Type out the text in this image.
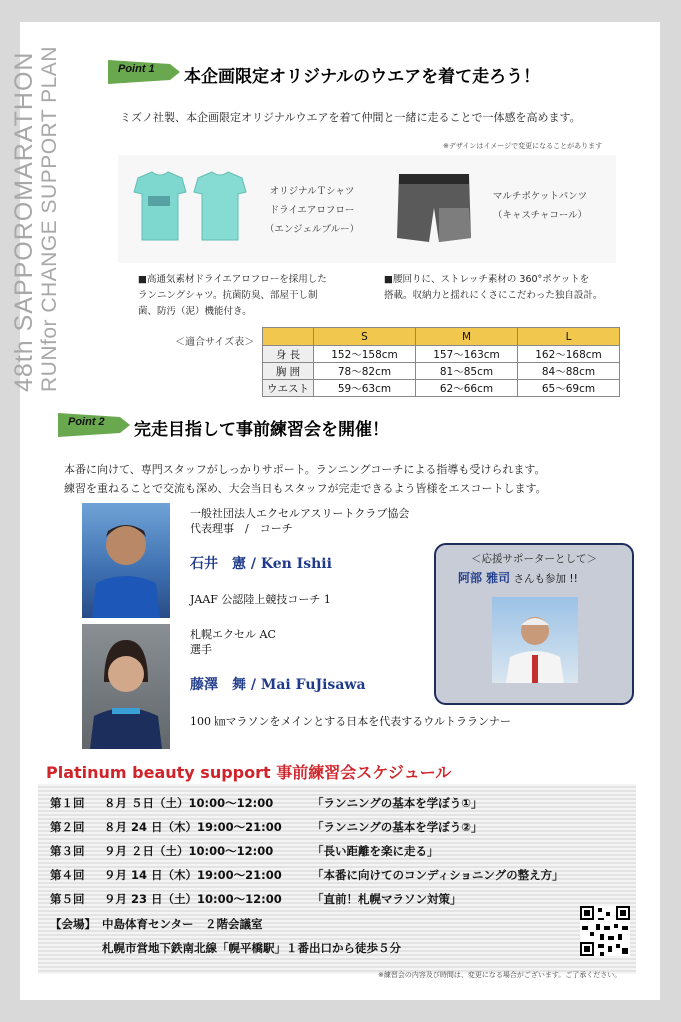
48th SAPPOROMARATHON RUNfor CHANGE SUPPORT PLAN	Point 1 本企画限定オリジナルのウエアを着て走ろう！
ミズノ社製、本企画限定オリジナルウエアを着て仲間と一緒に走ることで一体感を高めます。
※デザインはイメージで変更になることがあります
オリジナルＴシャツ
ドライエアロフロー
（エンジェルブルー）
マルチポケットパンツ
（キャスチャコール）
■高通気素材ドライエアロフローを採用した
ランニングシャツ。抗菌防臭、部屋干し制
菌、防汚（泥）機能付き。
■腰回りに、ストレッチ素材の 360°ポケットを
搭載。収納力と揺れにくさにこだわった独自設計。
＜適合サイズ表＞
		S	M	L
身 長	152〜158cm	157〜163cm	162〜168cm
胸 囲	78〜82cm	81〜85cm	84〜88cm
ウエスト	59〜63cm	62〜66cm	65〜69cm
Point 2 完走目指して事前練習会を開催！
本番に向けて、専門スタッフがしっかりサポート。ランニングコーチによる指導も受けられます。
練習を重ねることで交流も深め、大会当日もスタッフが完走できるよう皆様をエスコートします。
一般社団法人エクセルアスリートクラブ協会
代表理事　/　コーチ
石井　憲 / Ken Ishii
JAAF 公認陸上競技コーチ 1
札幌エクセル AC
選手
藤澤　舞 / Mai FuJisawa
100 ㎞マラソンをメインとする日本を代表するウルトラランナー
＜応援サポーターとして＞
阿部 雅司 さんも参加 !!
Platinum beauty support 事前練習会スケジュール
第１回 ８月 ５日（土）10:00〜12:00	「ランニングの基本を学ぼう①」
第２回 ８月 24 日（木）19:00〜21:00	「ランニングの基本を学ぼう②」
第３回 ９月 ２日（土）10:00〜12:00	「長い距離を楽に走る」
第４回 ９月 14 日（木）19:00〜21:00	「本番に向けてのコンディショニングの整え方」
第５回 ９月 23 日（土）10:00〜12:00	「直前！札幌マラソン対策」
【会場】 中島体育センター　２階会議室
札幌市営地下鉄南北線「幌平橋駅」１番出口から徒歩５分
※練習会の内容及び時間は、変更になる場合がございます。ご了承ください。
